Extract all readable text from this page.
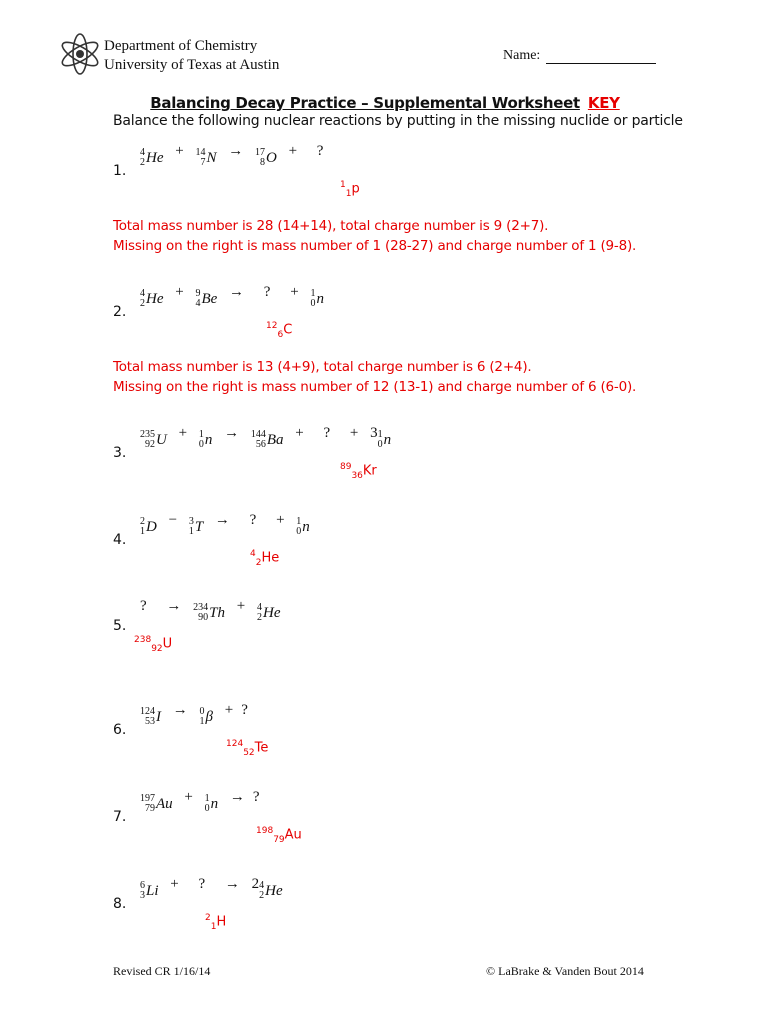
Department of Chemistry
University of Texas at Austin
Name:
Balancing Decay Practice – Supplemental Worksheet KEY
Balance the following nuclear reactions by putting in the missing nuclide or particle
4
2 He + 14
7 N → 17
8 O + ?
1.
$^1_1$p
Total mass number is 28 (14+14), total charge number is 9 (2+7).
Missing on the right is mass number of 1 (28-27) and charge number of 1 (9-8).
4
2 He + 9
4 Be → ? + 1
0 n
2.
$^{12}_6$C
Total mass number is 13 (4+9), total charge number is 6 (2+4).
Missing on the right is mass number of 12 (13-1) and charge number of 6 (6-0).
235
92 U + 1
0 n → 144
56 Ba + ? + 3 1
0 n
3.
$^{89}_{36}$Kr
2
1 D − 3
1 T → ? + 1
0 n
4.
$^4_2$He
? → 234
90 Th + 4
2 He
5.
$^{238}_{92}$U
124
53 I → 0
1 β + ?
6.
$^{124}_{52}$Te
197
79 Au + 1
0 n → ?
7.
$^{198}_{79}$Au
6
3 Li + ? → 2 4
2 He
8.
$^2_1$H
Revised CR 1/16/14	© LaBrake & Vanden Bout 2014
